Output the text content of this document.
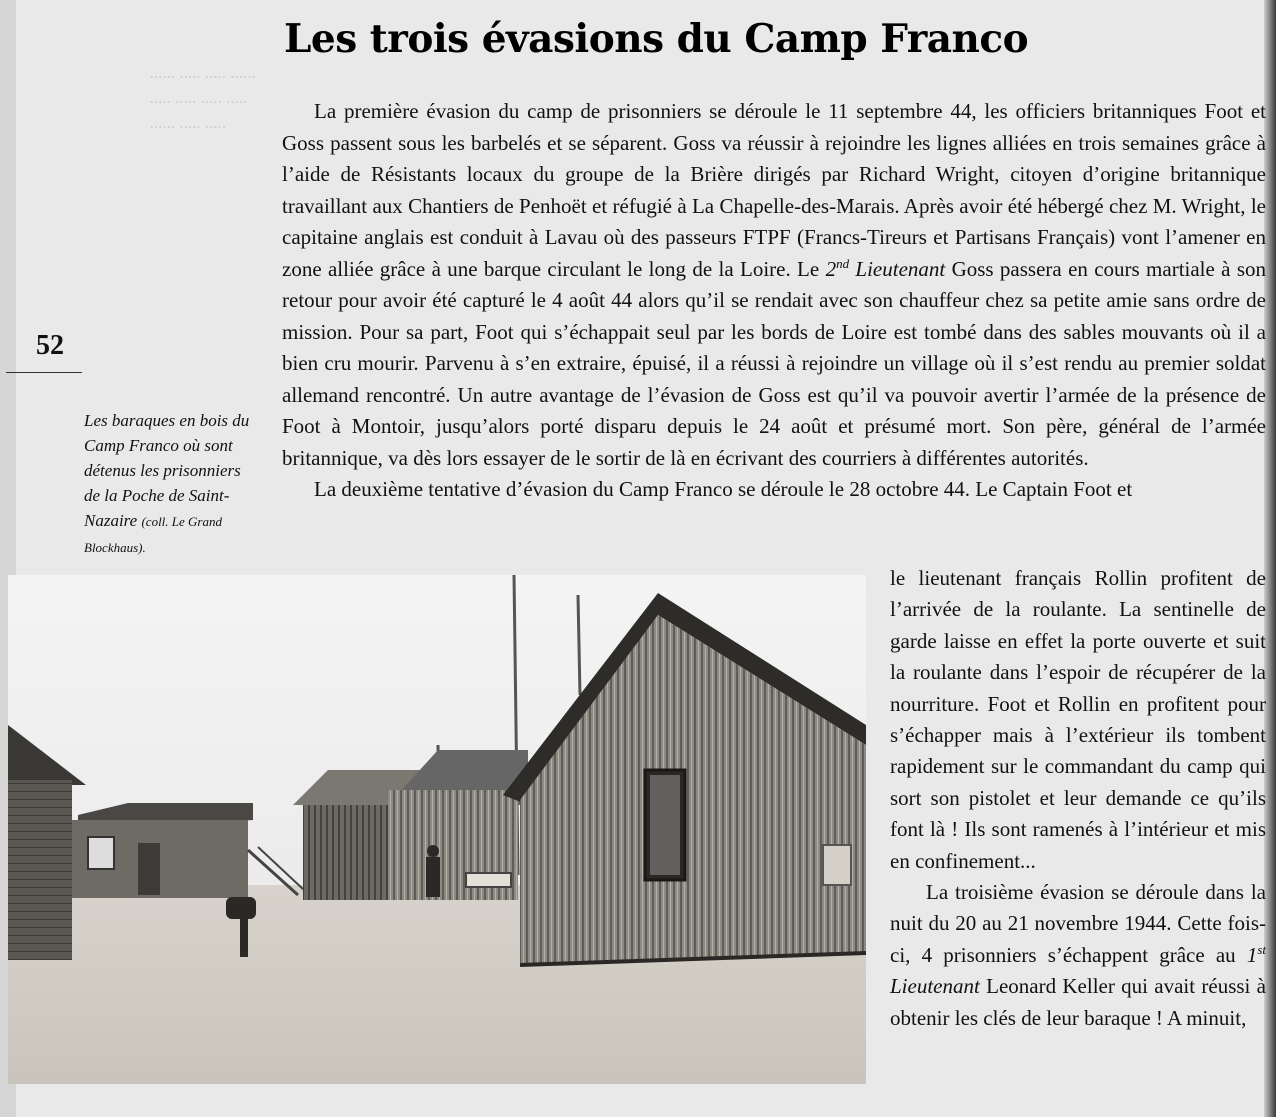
...... ..... ..... ...... ..... ..... ..... ..... ...... ..... .....
Les trois évasions du Camp Franco
52

Les baraques en bois du Camp Franco où sont détenus les prisonniers de la Poche de Saint-Nazaire (coll. Le Grand Blockhaus).

La première évasion du camp de prisonniers se déroule le 11 septembre 44, les officiers britanniques Foot et Goss passent sous les barbelés et se séparent. Goss va réussir à rejoindre les lignes alliées en trois semaines grâce à l’aide de Résistants locaux du groupe de la Brière dirigés par Richard Wright, citoyen d’origine britannique travaillant aux Chantiers de Penhoët et réfugié à La Chapelle-des-Marais. Après avoir été hébergé chez M. Wright, le capitaine anglais est conduit à Lavau où des passeurs FTPF (Francs-Tireurs et Partisans Français) vont l’amener en zone alliée grâce à une barque circulant le long de la Loire. Le 2nd Lieutenant Goss passera en cours martiale à son retour pour avoir été capturé le 4 août 44 alors qu’il se rendait avec son chauffeur chez sa petite amie sans ordre de mission. Pour sa part, Foot qui s’échappait seul par les bords de Loire est tombé dans des sables mouvants où il a bien cru mourir. Parvenu à s’en extraire, épuisé, il a réussi à rejoindre un village où il s’est rendu au premier soldat allemand rencontré. Un autre avantage de l’évasion de Goss est qu’il va pouvoir avertir l’armée de la présence de Foot à Montoir, jusqu’alors porté disparu depuis le 24 août et présumé mort. Son père, général de l’armée britannique, va dès lors essayer de le sortir de là en écrivant des courriers à différentes autorités.

La deuxième tentative d’évasion du Camp Franco se déroule le 28 octobre 44. Le Captain Foot et

le lieutenant français Rollin profitent de l’arrivée de la roulante. La sentinelle de garde laisse en effet la porte ouverte et suit la roulante dans l’espoir de récupérer de la nourriture. Foot et Rollin en profitent pour s’échapper mais à l’extérieur ils tombent rapidement sur le commandant du camp qui sort son pistolet et leur demande ce qu’ils font là ! Ils sont ramenés à l’intérieur et mis en confinement...

La troisième évasion se déroule dans la nuit du 20 au 21 novembre 1944. Cette fois-ci, 4 prisonniers s’échappent grâce au 1st Lieutenant Leonard Keller qui avait réussi à obtenir les clés de leur baraque ! A minuit,
